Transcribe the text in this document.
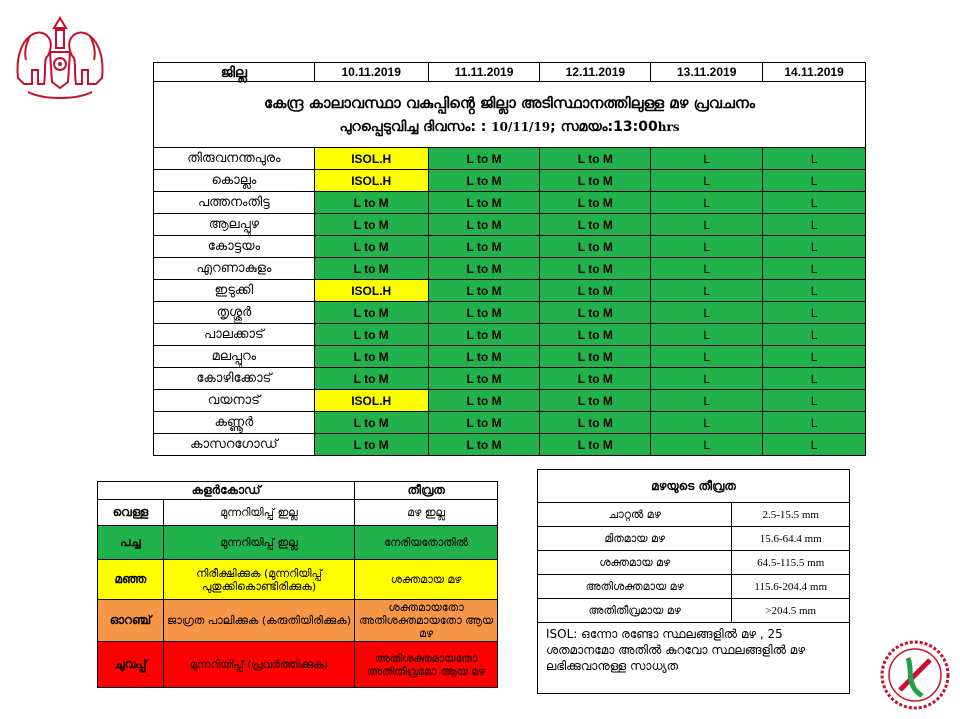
കേന്ദ്ര കാലാവസ്ഥാ വകുപ്പിൻ്റെ ജില്ലാ അടിസ്ഥാനത്തിലുള്ള മഴ പ്രവചനം
പുറപ്പെടുവിച്ച ദിവസം: : 10/11/19; സമയം:13:00hrs					

ജില്ല	10.11.2019	11.11.2019	12.11.2019	13.11.2019	14.11.2019
തിരുവനന്തപുരം	ISOL.H	L to M	L to M	L	L
കൊല്ലം	ISOL.H	L to M	L to M	L	L
പത്തനംതിട്ട	L to M	L to M	L to M	L	L
ആലപ്പുഴ	L to M	L to M	L to M	L	L
കോട്ടയം	L to M	L to M	L to M	L	L
എറണാകുളം	L to M	L to M	L to M	L	L
ഇടുക്കി	ISOL.H	L to M	L to M	L	L
തൃശ്ശൂർ	L to M	L to M	L to M	L	L
പാലക്കാട്	L to M	L to M	L to M	L	L
മലപ്പുറം	L to M	L to M	L to M	L	L
കോഴിക്കോട്	L to M	L to M	L to M	L	L
വയനാട്	ISOL.H	L to M	L to M	L	L
കണ്ണൂർ	L to M	L to M	L to M	L	L
കാസറഗോഡ്	L to M	L to M	L to M	L	L
കളർകോഡ്		തീവ്രത
വെള്ള	മുന്നറിയിപ്പ് ഇല്ല	മഴ ഇല്ല
പച്ച	മുന്നറിയിപ്പ് ഇല്ല	നേരിയതോതിൽ
മഞ്ഞ	നിരീക്ഷിക്കുക (മുന്നറിയിപ്പ് പുതുക്കികൊണ്ടിരിക്കുക)	ശക്തമായ മഴ
ഓറഞ്ച്	ജാഗ്രത പാലിക്കുക (കരുതിയിരിക്കുക)	ശക്തമായതോ അതിശക്തമായതോ ആയ മഴ
ചുവപ്പ്	മുന്നറിയിപ്പ് (പ്രവർത്തിക്കുക)	അതിശക്തമായതോ അതിതീവ്രമോ ആയ മഴ
മഴയുടെ തീവ്രത	
ചാറ്റൽ മഴ	2.5-15.5 mm
മിതമായ മഴ	15.6-64.4 mm
ശക്തമായ മഴ	64.5-115.5 mm
അതിശക്തമായ മഴ	115.6-204.4 mm
അതിതീവ്രമായ മഴ	>204.5 mm
ISOL: ഒന്നോ രണ്ടോ സ്ഥലങ്ങളിൽ മഴ , 25 ശതമാനമോ അതിൽ കുറവോ സ്ഥലങ്ങളിൽ മഴ ലഭിക്കുവാനുള്ള സാധ്യത
